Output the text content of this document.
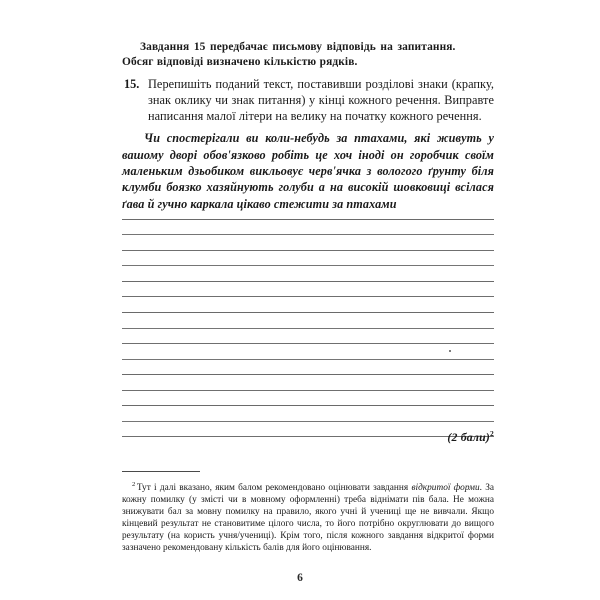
Завдання 15 передбачає письмову відповідь на запитання.
Обсяг відповіді визначено кількістю рядків.
15. Перепишіть поданий текст, поставивши розділові знаки (крапку, знак оклику чи знак питання) у кінці кожного речення. Виправте написання малої літери на велику на початку кожного речення.
Чи спостерігали ви коли-небудь за птахами, які живуть у вашому дворі обов'язково робіть це хоч іноді он горобчик своїм маленьким дзьобиком викльовує черв'ячка з вологого ґрунту біля клумби боязко хазяйнують голуби а на високій шовковиці всілася ґава й гучно каркала цікаво стежити за птахами
(2 бали)$^2$
$^2$ Тут і далі вказано, яким балом рекомендовано оцінювати завдання відкритої форми. За кожну помилку (у змісті чи в мовному оформленні) треба віднімати пів бала. Не можна знижувати бал за мовну помилку на правило, якого учні й учениці ще не вивчали. Якщо кінцевий результат не становитиме цілого числа, то його потрібно округлювати до вищого результату (на користь учня/учениці). Крім того, після кожного завдання відкритої форми зазначено рекомендовану кількість балів для його оцінювання.
6
